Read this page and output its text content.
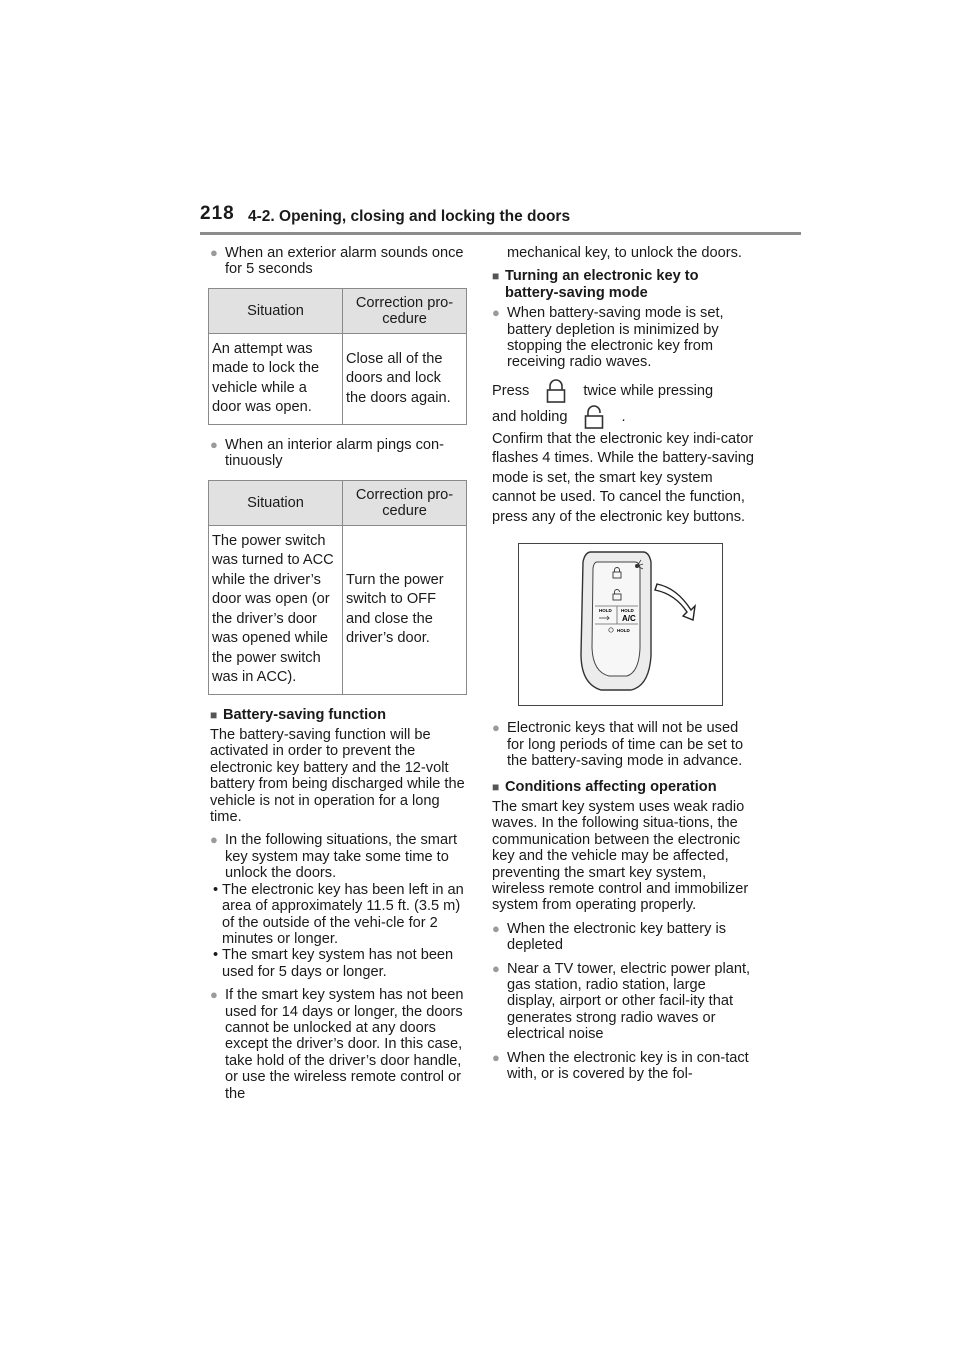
218 4-2. Opening, closing and locking the doors
● When an exterior alarm sounds once for 5 seconds
Situation	Correction pro-cedure
An attempt was made to lock the vehicle while a door was open.	Close all of the doors and lock the doors again.
● When an interior alarm pings con-tinuously
Situation	Correction pro-cedure
The power switch was turned to ACC while the driver’s door was open (or the driver’s door was opened while the power switch was in ACC).	Turn the power switch to OFF and close the driver’s door.
■ Battery-saving function
The battery-saving function will be activated in order to prevent the electronic key battery and the 12-volt battery from being discharged while the vehicle is not in operation for a long time.
● In the following situations, the smart key system may take some time to unlock the doors.
• The electronic key has been left in an area of approximately 11.5 ft. (3.5 m) of the outside of the vehi-cle for 2 minutes or longer.
• The smart key system has not been used for 5 days or longer.
● If the smart key system has not been used for 14 days or longer, the doors cannot be unlocked at any doors except the driver’s door. In this case, take hold of the driver’s door handle, or use the wireless remote control or the
mechanical key, to unlock the doors.
■ Turning an electronic key to battery-saving mode
● When battery-saving mode is set, battery depletion is minimized by stopping the electronic key from receiving radio waves.
Press	twice while pressing
and holding	.
Confirm that the electronic key indi-cator flashes 4 times. While the battery-saving mode is set, the smart key system cannot be used. To cancel the function, press any of the electronic key buttons.
HOLD HOLD
A/C
HOLD
● Electronic keys that will not be used for long periods of time can be set to the battery-saving mode in advance.
■ Conditions affecting operation
The smart key system uses weak radio waves. In the following situa-tions, the communication between the electronic key and the vehicle may be affected, preventing the smart key system, wireless remote control and immobilizer system from operating properly.
● When the electronic key battery is depleted
● Near a TV tower, electric power plant, gas station, radio station, large display, airport or other facil-ity that generates strong radio waves or electrical noise
● When the electronic key is in con-tact with, or is covered by the fol-
